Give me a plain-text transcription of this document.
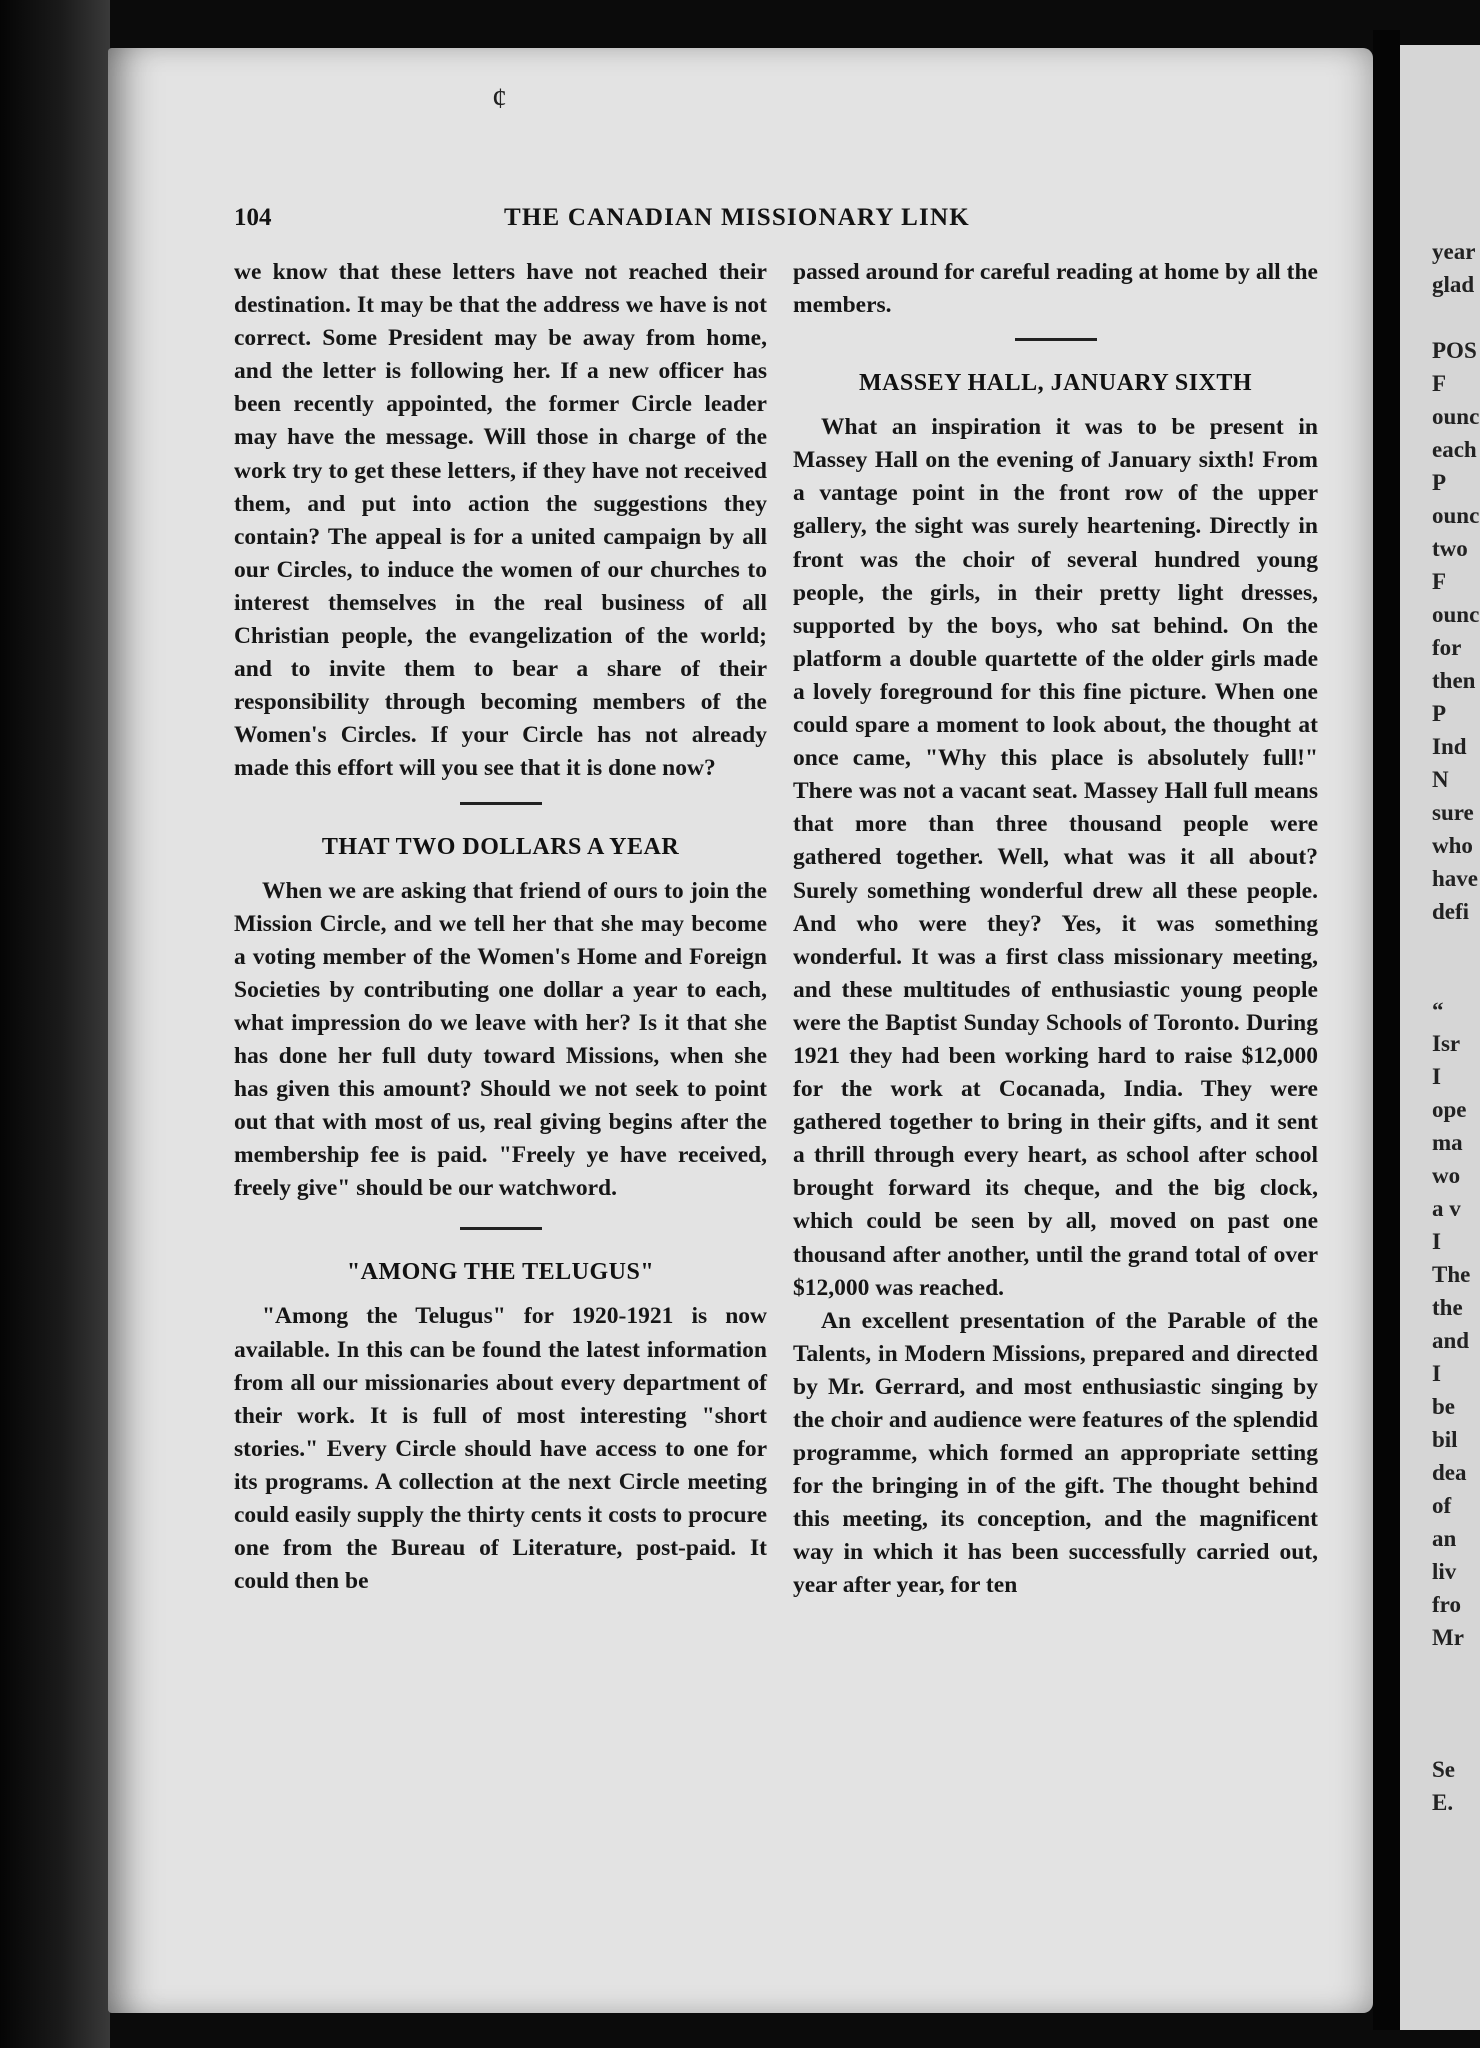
¢
104	THE CANADIAN MISSIONARY LINK

we know that these letters have not reached their destination. It may be that the address we have is not correct. Some President may be away from home, and the letter is following her. If a new officer has been recently appointed, the former Circle leader may have the message. Will those in charge of the work try to get these letters, if they have not received them, and put into action the suggestions they contain? The appeal is for a united campaign by all our Circles, to induce the women of our churches to interest themselves in the real business of all Christian people, the evangelization of the world; and to invite them to bear a share of their responsibility through becoming members of the Women's Circles. If your Circle has not already made this effort will you see that it is done now?

THAT TWO DOLLARS A YEAR

When we are asking that friend of ours to join the Mission Circle, and we tell her that she may become a voting member of the Women's Home and Foreign Societies by contributing one dollar a year to each, what impression do we leave with her? Is it that she has done her full duty toward Missions, when she has given this amount? Should we not seek to point out that with most of us, real giving begins after the membership fee is paid. "Freely ye have received, freely give" should be our watchword.

"AMONG THE TELUGUS"

"Among the Telugus" for 1920-1921 is now available. In this can be found the latest information from all our missionaries about every department of their work. It is full of most interesting "short stories." Every Circle should have access to one for its programs. A collection at the next Circle meeting could easily supply the thirty cents it costs to procure one from the Bureau of Literature, post-paid. It could then be

passed around for careful reading at home by all the members.

MASSEY HALL, JANUARY SIXTH

What an inspiration it was to be present in Massey Hall on the evening of January sixth! From a vantage point in the front row of the upper gallery, the sight was surely heartening. Directly in front was the choir of several hundred young people, the girls, in their pretty light dresses, supported by the boys, who sat behind. On the platform a double quartette of the older girls made a lovely foreground for this fine picture. When one could spare a moment to look about, the thought at once came, "Why this place is absolutely full!" There was not a vacant seat. Massey Hall full means that more than three thousand people were gathered together. Well, what was it all about? Surely something wonderful drew all these people. And who were they? Yes, it was something wonderful. It was a first class missionary meeting, and these multitudes of enthusiastic young people were the Baptist Sunday Schools of Toronto. During 1921 they had been working hard to raise $12,000 for the work at Cocanada, India. They were gathered together to bring in their gifts, and it sent a thrill through every heart, as school after school brought forward its cheque, and the big clock, which could be seen by all, moved on past one thousand after another, until the grand total of over $12,000 was reached.

An excellent presentation of the Parable of the Talents, in Modern Missions, prepared and directed by Mr. Gerrard, and most enthusiastic singing by the choir and audience were features of the splendid programme, which formed an appropriate setting for the bringing in of the gift. The thought behind this meeting, its conception, and the magnificent way in which it has been successfully carried out, year after year, for ten

year

glad

POS

F

ounc

each

P

ounc

two

F

ounc

for

then

P

Ind

N

sure

who

have

defi

“

Isr

I

ope

ma

wo

a v

I

The

the

and

I

be

bil

dea

of

an

liv

fro

Mr

Se

E.
